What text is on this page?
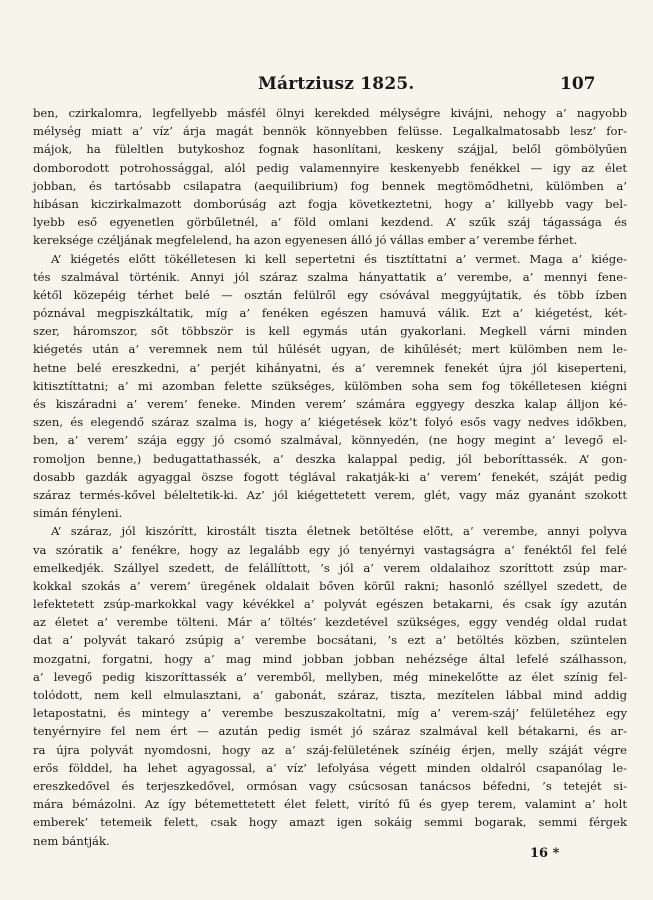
Mártziusz 1825.	107
ben, czirkalomra, legfellyebb másfél ölnyi kerekded mélységre kivájni, nehogy a’ nagyobb
mélység miatt a’ víz’ árja magát bennök könnyebben felüsse. Legalkalmatosabb lesz’ for-
májok, ha füleltlen butykoshoz fognak hasonlítani, keskeny szájjal, belől gömbölyűen
domborodott potrohossággal, alól pedig valamennyire keskenyebb fenékkel — igy az élet
jobban, és tartósabb csilapatra (aequilibrium) fog bennek megtömődhetni, külömben a’
hibásan kiczirkalmazott domborúság azt fogja következtetni, hogy a’ killyebb vagy bel-
lyebb eső egyenetlen görbűletnél, a’ föld omlani kezdend. A’ szűk száj tágassága és
kereksége czéljának megfelelend, ha azon egyenesen álló jó vállas ember a’ verembe férhet.
A’ kiégetés előtt tökélletesen ki kell sepertetni és tisztíttatni a’ vermet. Maga a’ kiége-
tés szalmával történik. Annyi jól száraz szalma hányattatik a’ verembe, a’ mennyi fene-
kétől közepéig térhet belé — osztán felülről egy csóvával meggyújtatik, és több ízben
póznával megpiszkáltatik, míg a’ fenéken egészen hamuvá válik. Ezt a’ kiégetést, két-
szer, háromszor, sőt többször is kell egymás után gyakorlani. Megkell várni minden
kiégetés után a’ veremnek nem túl hűlését ugyan, de kihűlését; mert külömben nem le-
hetne belé ereszkedni, a’ perjét kihányatni, és a’ veremnek fenekét újra jól kiseperteni,
kitisztíttatni; a’ mi azomban felette szükséges, külömben soha sem fog tökélletesen kiégni
és kiszáradni a’ verem’ feneke. Minden verem’ számára eggyegy deszka kalap álljon ké-
szen, és elegendő száraz szalma is, hogy a’ kiégetések köz’t folyó esős vagy nedves időkben,
ben, a’ verem’ szája eggy jó csomó szalmával, könnyedén, (ne hogy megint a’ levegő el-
romoljon benne,) bedugattathassék, a’ deszka kalappal pedig, jól beboríttassék. A’ gon-
dosabb gazdák agyaggal öszse fogott téglával rakatják-ki a’ verem’ fenekét, száját pedig
száraz termés-kővel béleltetik-ki. Az’ jól kiégettetett verem, glét, vagy máz gyanánt szokott
simán fényleni.
A’ száraz, jól kiszórítt, kirostált tiszta életnek betöltése előtt, a’ verembe, annyi polyva
va szóratik a’ fenékre, hogy az legalább egy jó tenyérnyi vastagságra a’ fenéktől fel felé
emelkedjék. Szállyel szedett, de felállíttott, ’s jól a’ verem oldalaihoz szoríttott zsúp mar-
kokkal szokás a’ verem’ üregének oldalait bőven körűl rakni; hasonló széllyel szedett, de
lefektetett zsúp-markokkal vagy kévékkel a’ polyvát egészen betakarni, és csak így azután
az életet a’ verembe tölteni. Már a’ töltés’ kezdetével szükséges, eggy vendég oldal rudat
dat a’ polyvát takaró zsúpig a’ verembe bocsátani, ’s ezt a’ betöltés közben, szüntelen
mozgatni, forgatni, hogy a’ mag mind jobban jobban nehézsége által lefelé szálhasson,
a’ levegő pedig kiszoríttassék a’ veremből, mellyben, még minekelőtte az élet színig fel-
tolódott, nem kell elmulasztani, a’ gabonát, száraz, tiszta, mezítelen lábbal mind addig
letapostatni, és mintegy a’ verembe beszuszakoltatni, míg a’ verem-száj’ felületéhez egy
tenyérnyire fel nem ért — azután pedig ismét jó száraz szalmával kell bétakarni, és ar-
ra újra polyvát nyomdosni, hogy az a’ száj-felületének színéig érjen, melly száját végre
erős földdel, ha lehet agyagossal, a’ víz’ lefolyása végett minden oldalról csapanólag le-
ereszkedővel és terjeszkedővel, ormósan vagy csúcsosan tanácsos béfedni, ’s tetejét si-
mára bémázolni. Az így bétemettetett élet felett, virító fű és gyep terem, valamint a’ holt
emberek’ tetemeik felett, csak hogy amazt igen sokáig semmi bogarak, semmi férgek
nem bántják.
16 *
